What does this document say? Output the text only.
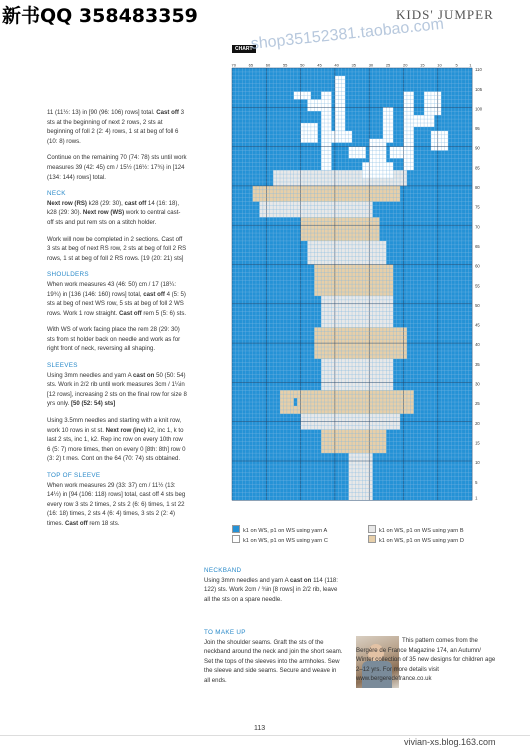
新书QQ 358483359	KIDS' JUMPER
CHART

11 (11½: 13) in [90 (96: 106) rows] total. Cast off 3 sts at the beginning of next 2 rows, 2 sts at beginning of foll 2 (2: 4) rows, 1 st at beg of foll 6 (10: 8) rows.

Continue on the remaining 70 (74: 78) sts until work measures 39 (42: 45) cm / 15½ (16½: 17¾) in [124 (134: 144) rows] total.

NECK

Next row (RS) k28 (29: 30), cast off 14 (16: 18), k28 (29: 30). Next row (WS) work to central cast-off sts and put rem sts on a stitch holder.

Work will now be completed in 2 sections. Cast off 3 sts at beg of next RS row, 2 sts at beg of foll 2 RS rows, 1 st at beg of foll 2 RS rows. [19 (20: 21) sts]

SHOULDERS

When work measures 43 (46: 50) cm / 17 (18¼: 19¾) in [136 (146: 160) rows] total, cast off 4 (5: 5) sts at beg of next WS row, 5 sts at beg of foll 2 WS rows. Work 1 row straight. Cast off rem 5 (5: 6) sts.

With WS of work facing place the rem 28 (29: 30) sts from st holder back on needle and work as for right front of neck, reversing all shaping.

SLEEVES

Using 3mm needles and yarn A cast on 50 (50: 54) sts. Work in 2/2 rib until work measures 3cm / 1¼in [12 rows], increasing 2 sts on the final row for size 8 yrs only. [50 (52: 54) sts]

Using 3.5mm needles and starting with a knit row, work 10 rows in st st. Next row (inc) k2, inc 1, k to last 2 sts, inc 1, k2. Rep inc row on every 10th row 6 (5: 7) more times, then on every 0 [8th: 8th] row 0 (3: 2) t mes. Cont on the 64 (70: 74) sts obtained.

TOP OF SLEEVE

When work measures 29 (33: 37) cm / 11½ (13: 14½) in [94 (106: 118) rows] total, cast off 4 sts beg every row 3 sts 2 times, 2 sts 2 (6: 6) times, 1 st 22 (16: 18) times, 2 sts 4 (6: 4) times, 3 sts 2 (2: 4) times. Cast off rem 18 sts.

70	65	60	55	50	45	40	35	30	25	20	15	10	5	1
110
105
100
95
90
85
80
75
70
65
60
55
50
45
40
35
30
25
20
15
10
5
1
k1 on WS, p1 on WS using yarn A	k1 on WS, p1 on WS using yarn B
k1 on WS, p1 on WS using yarn C	k1 on WS, p1 on WS using yarn D
NECKBAND
Using 3mm needles and yarn A cast on 114 (118: 122) sts. Work 2cm / ¾in [8 rows] in 2/2 rib, leave all the sts on a spare needle.
TO MAKE UP
Join the shoulder seams. Graft the sts of the neckband around the neck and join the short seam. Set the tops of the sleeves into the armholes. Sew the sleeve and side seams. Secure and weave in all ends.
This pattern comes from the Bergère de France Magazine 174, an Autumn/ Winter collection of 35 new designs for children age 2–12 yrs. For more details visit www.bergeredefrance.co.uk
113
vivian-xs.blog.163.com
shop35152381.taobao.com
